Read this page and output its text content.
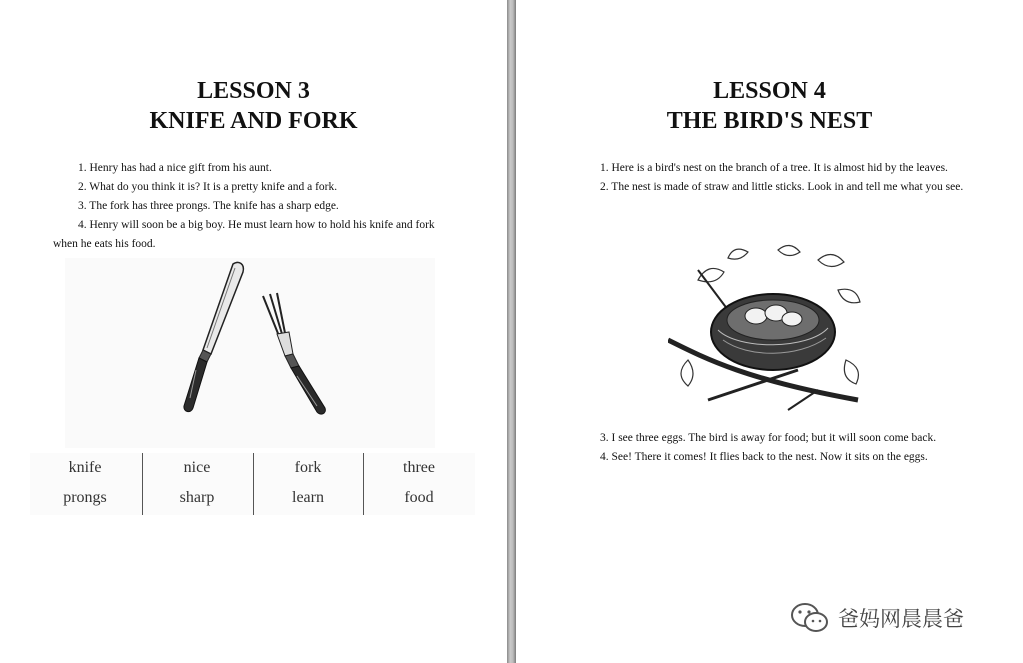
LESSON 3
KNIFE AND FORK
LESSON 4
THE BIRD'S NEST

1. Henry has had a nice gift from his aunt.

2. What do you think it is? It is a pretty knife and a fork.

3. The fork has three prongs. The knife has a sharp edge.

4. Henry will soon be a big boy. He must learn how to hold his knife and fork when he eats his food.

knife
prongs
nice
sharp
fork
learn
three
food

1. Here is a bird's nest on the branch of a tree. It is almost hid by the leaves.

2. The nest is made of straw and little sticks. Look in and tell me what you see.

3. I see three eggs. The bird is away for food; but it will soon come back.

4. See! There it comes! It flies back to the nest. Now it sits on the eggs.

爸妈网晨晨爸
